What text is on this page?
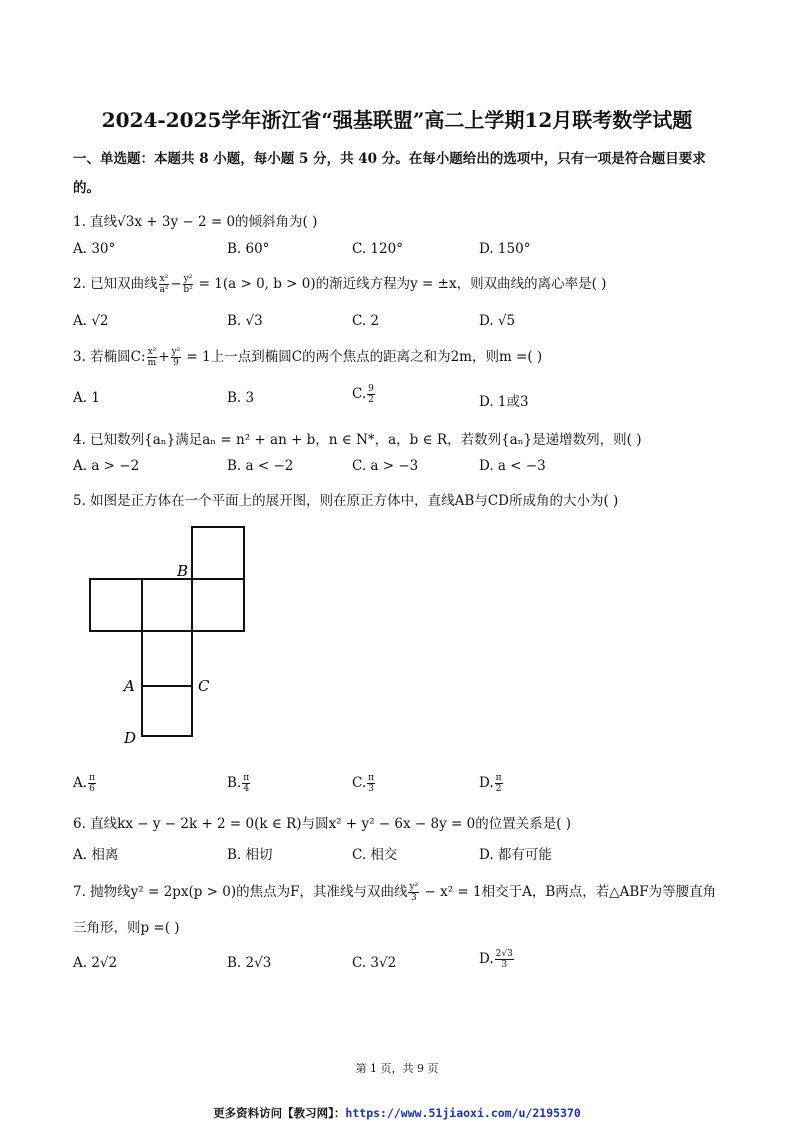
2024-2025学年浙江省“强基联盟”高二上学期12月联考数学试题
一、单选题：本题共 8 小题，每小题 5 分，共 40 分。在每小题给出的选项中，只有一项是符合题目要求
的。
1. 直线√3x + 3y − 2 = 0的倾斜角为( )
A. 30°	B. 60°	C. 120°	D. 150°
2. 已知双曲线 $\frac{\text{x²}}{\text{a²}} - \frac{\text{y²}}{\text{b²}} = 1(a > 0$, b > 0)的渐近线方程为y = ±x，则双曲线的离心率是( )
A. √2	B. √3	C. 2	D. √5
3. 若椭圆C: $\frac{\text{x²}}{m} + \frac{\text{y²}}{9} = 1$上一点到椭圆C的两个焦点的距离之和为2m，则m =( )
A. 1	B. 3	C. $\frac{9}{2}$	D. 1或3
4. 已知数列{aₙ}满足aₙ = n² + an + b，n ∈ N*，a，b ∈ R，若数列{aₙ}是递增数列，则( )
A. a > −2	B. a < −2	C. a > −3	D. a < −3
5. 如图是正方体在一个平面上的展开图，则在原正方体中，直线AB与CD所成角的大小为( )
B
A	C
D
A. $\frac{\pi}{6}$	B. $\frac{\pi}{4}$	C. $\frac{\pi}{3}$	D. $\frac{\pi}{2}$
6. 直线kx − y − 2k + 2 = 0(k ∈ R)与圆x² + y² − 6x − 8y = 0的位置关系是( )
A. 相离	B. 相切	C. 相交	D. 都有可能
7. 抛物线y² = 2px(p > 0)的焦点为F，其准线与双曲线 $\frac{\text{y²}}{3} - x^2 = 1$相交于A，B两点，若△ABF为等腰直角
三角形，则p =( )
A. 2√2	B. 2√3	C. 3√2	D. $\frac{2√3}{3}$
第 1 页，共 9 页
更多资料访问【教习网】：https://www.51jiaoxi.com/u/2195370
